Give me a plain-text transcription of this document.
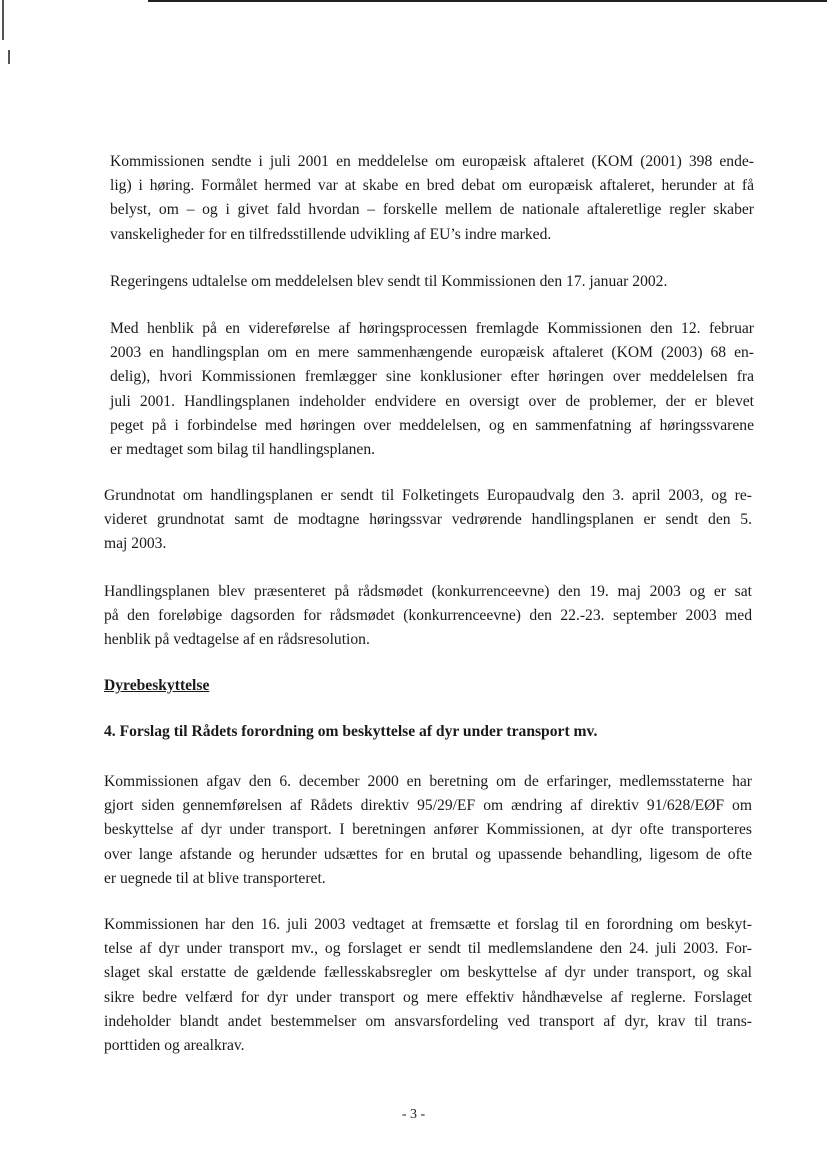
Kommissionen sendte i juli 2001 en meddelelse om europæisk aftaleret (KOM (2001) 398 ende-
lig) i høring. Formålet hermed var at skabe en bred debat om europæisk aftaleret, herunder at få
belyst, om – og i givet fald hvordan – forskelle mellem de nationale aftaleretlige regler skaber
vanskeligheder for en tilfredsstillende udvikling af EU’s indre marked.
Regeringens udtalelse om meddelelsen blev sendt til Kommissionen den 17. januar 2002.
Med henblik på en videreførelse af høringsprocessen fremlagde Kommissionen den 12. februar
2003 en handlingsplan om en mere sammenhængende europæisk aftaleret (KOM (2003) 68 en-
delig), hvori Kommissionen fremlægger sine konklusioner efter høringen over meddelelsen fra
juli 2001. Handlingsplanen indeholder endvidere en oversigt over de problemer, der er blevet
peget på i forbindelse med høringen over meddelelsen, og en sammenfatning af høringssvarene
er medtaget som bilag til handlingsplanen.
Grundnotat om handlingsplanen er sendt til Folketingets Europaudvalg den 3. april 2003, og re-
videret grundnotat samt de modtagne høringssvar vedrørende handlingsplanen er sendt den 5.
maj 2003.
Handlingsplanen blev præsenteret på rådsmødet (konkurrenceevne) den 19. maj 2003 og er sat
på den foreløbige dagsorden for rådsmødet (konkurrenceevne) den 22.-23. september 2003 med
henblik på vedtagelse af en rådsresolution.
Dyrebeskyttelse
4. Forslag til Rådets forordning om beskyttelse af dyr under transport mv.
Kommissionen afgav den 6. december 2000 en beretning om de erfaringer, medlemsstaterne har
gjort siden gennemførelsen af Rådets direktiv 95/29/EF om ændring af direktiv 91/628/EØF om
beskyttelse af dyr under transport. I beretningen anfører Kommissionen, at dyr ofte transporteres
over lange afstande og herunder udsættes for en brutal og upassende behandling, ligesom de ofte
er uegnede til at blive transporteret.
Kommissionen har den 16. juli 2003 vedtaget at fremsætte et forslag til en forordning om beskyt-
telse af dyr under transport mv., og forslaget er sendt til medlemslandene den 24. juli 2003. For-
slaget skal erstatte de gældende fællesskabsregler om beskyttelse af dyr under transport, og skal
sikre bedre velfærd for dyr under transport og mere effektiv håndhævelse af reglerne. Forslaget
indeholder blandt andet bestemmelser om ansvarsfordeling ved transport af dyr, krav til trans-
porttiden og arealkrav.
- 3 -
